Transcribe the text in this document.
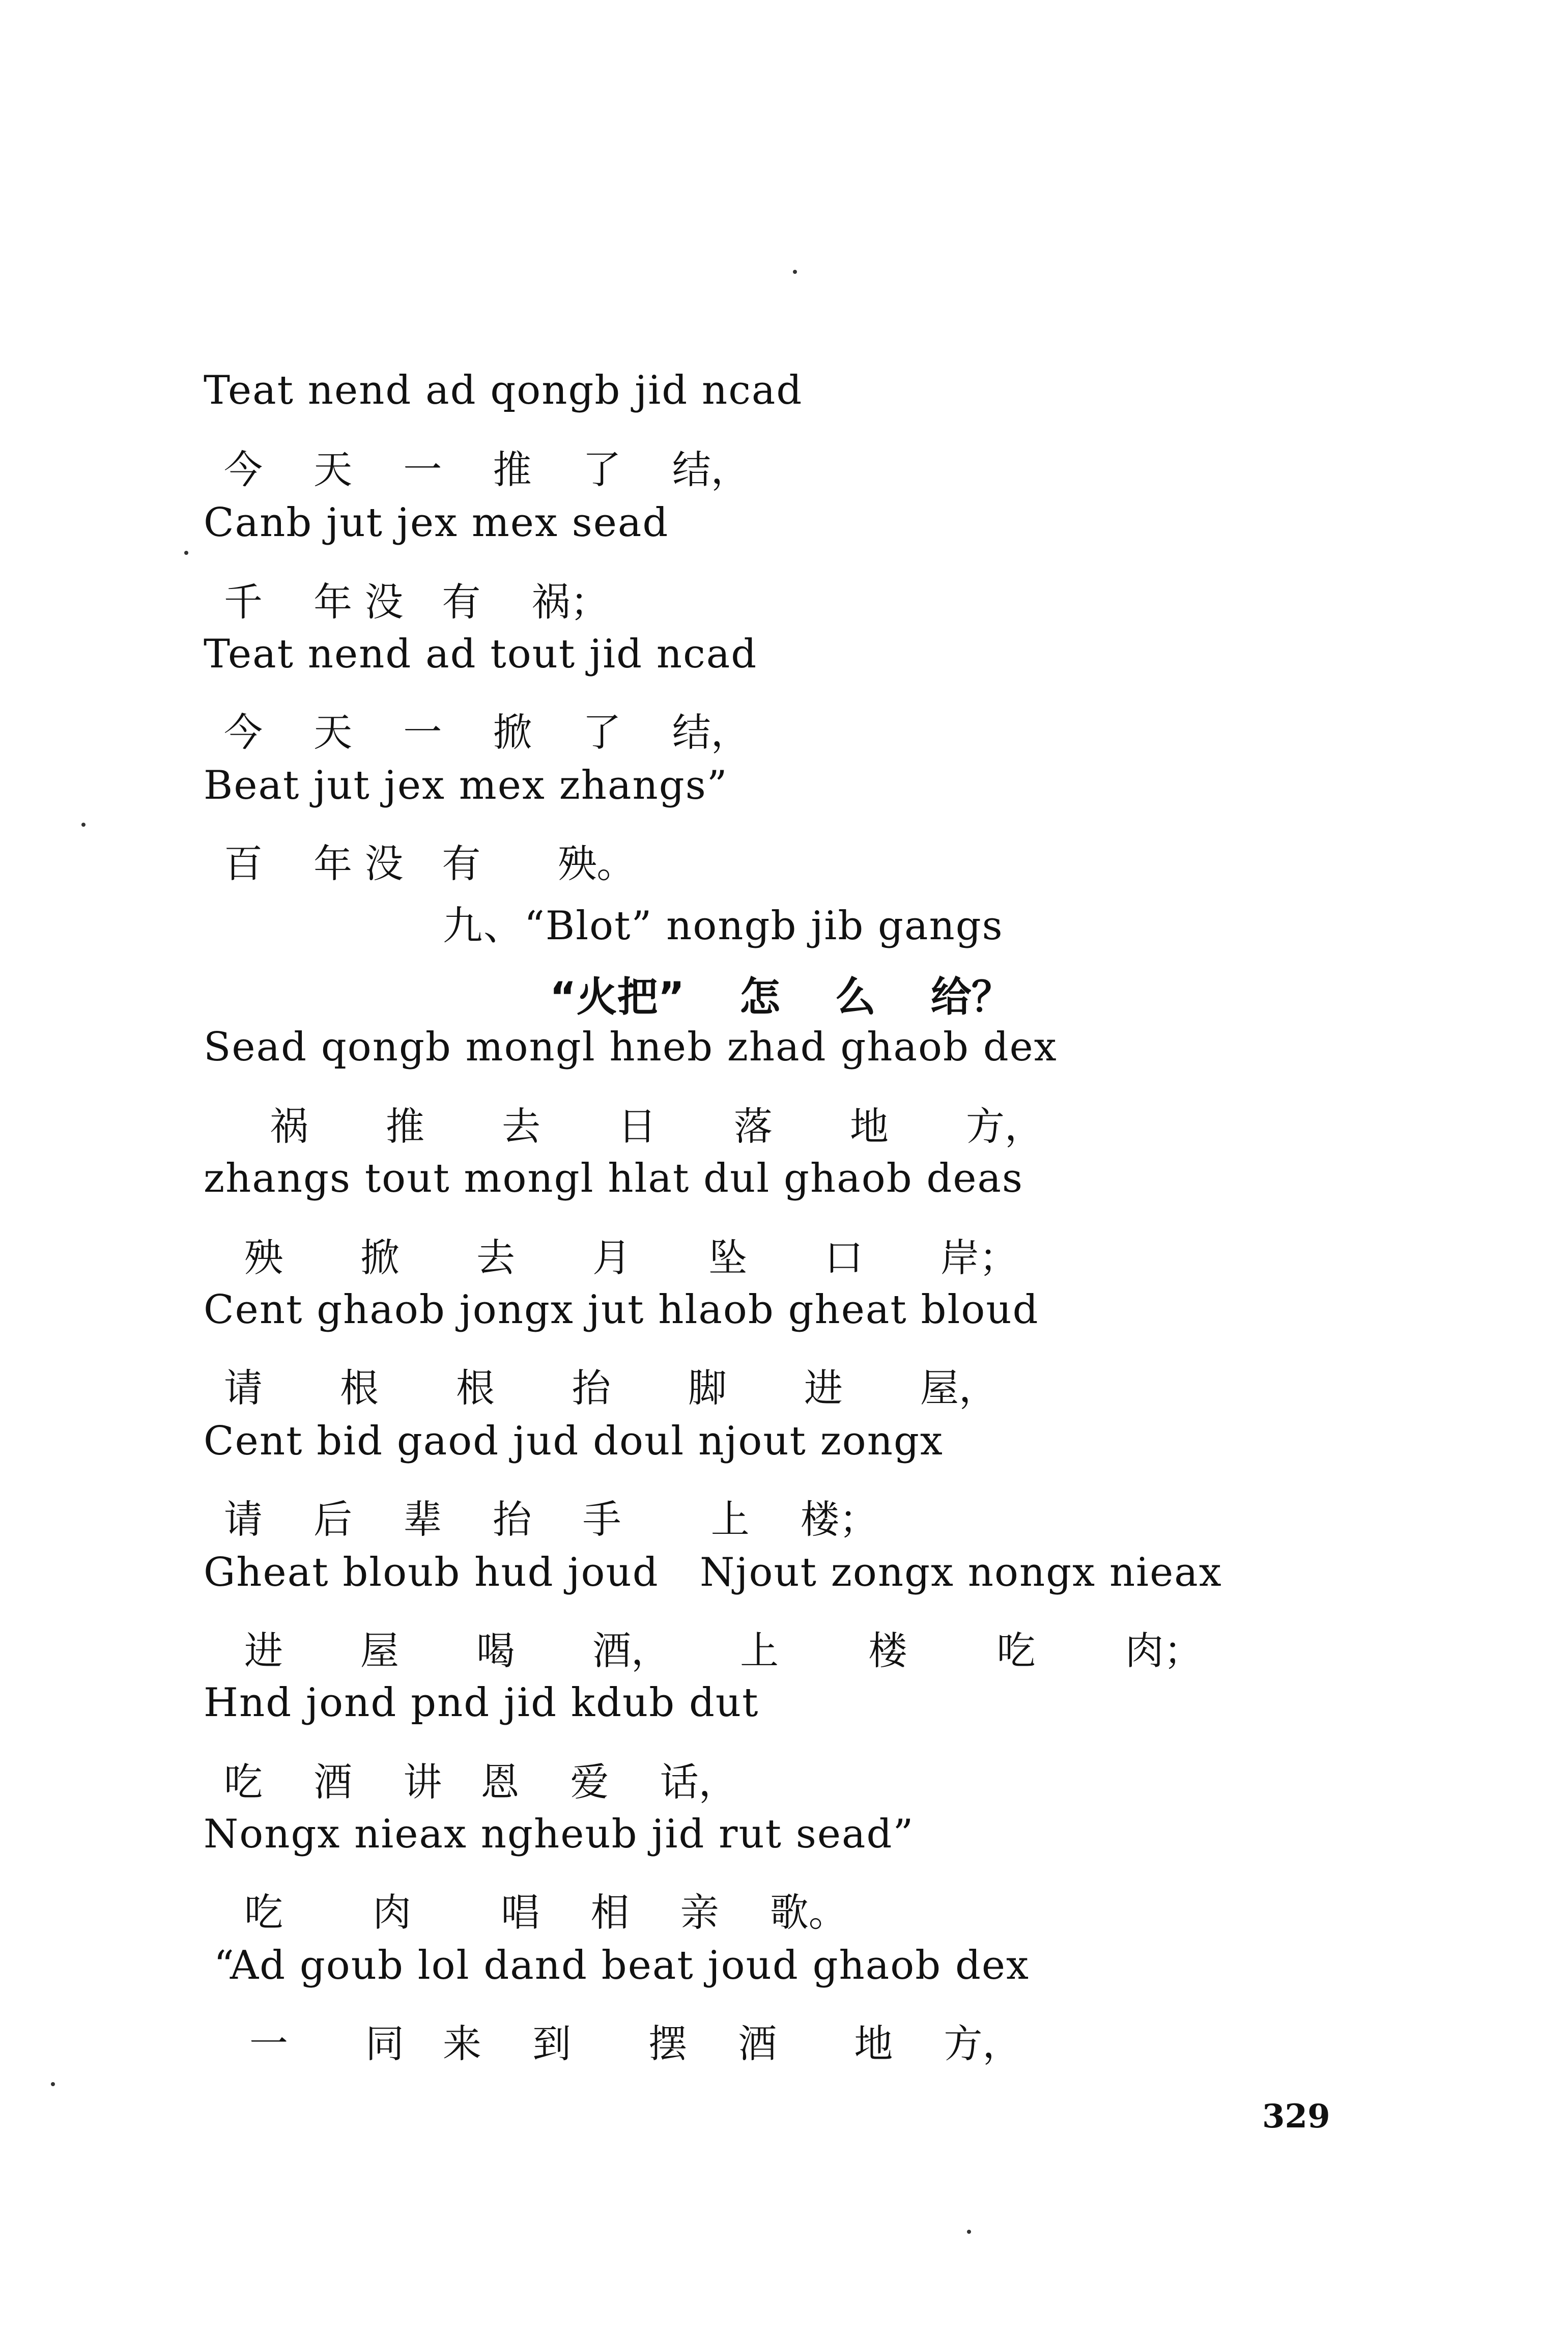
Teat nend ad qongb jid ncad
今　 天　 一　 推　 了　 结，
Canb jut jex mex sead
千　 年 没　有　 祸；
Teat nend ad tout jid ncad
今　 天　 一　 掀　 了　 结，
Beat jut jex mex zhangs”
百　 年 没　有　　殃。
九、“Blot” nongb jib gangs
“火把”　 怎　 么　 给？
Sead qongb mongl hneb zhad ghaob dex
祸　　推　　去　　日　　落　　地　　方，
zhangs tout mongl hlat dul ghaob deas
殃　　掀　　去　　月　　坠　　口　　岸；
Cent ghaob jongx jut hlaob gheat bloud
请　　根　　根　　抬　　脚　　进　　屋，
Cent bid gaod jud doul njout zongx
请　 后　 辈　 抬　 手　　 上　 楼；
Gheat bloub hud joud   Njout zongx nongx nieax
进　　屋　　喝　　酒，　　 上　　 楼　　 吃　　 肉；
Hnd jond pnd jid kdub dut
吃　 酒　 讲　恩　 爱　 话，
Nongx nieax ngheub jid rut sead”
吃　　 肉　　 唱　 相　 亲　 歌。
“Ad goub lol dand beat joud ghaob dex
一　　同　来　 到　　摆　 酒　　地　 方，
329
